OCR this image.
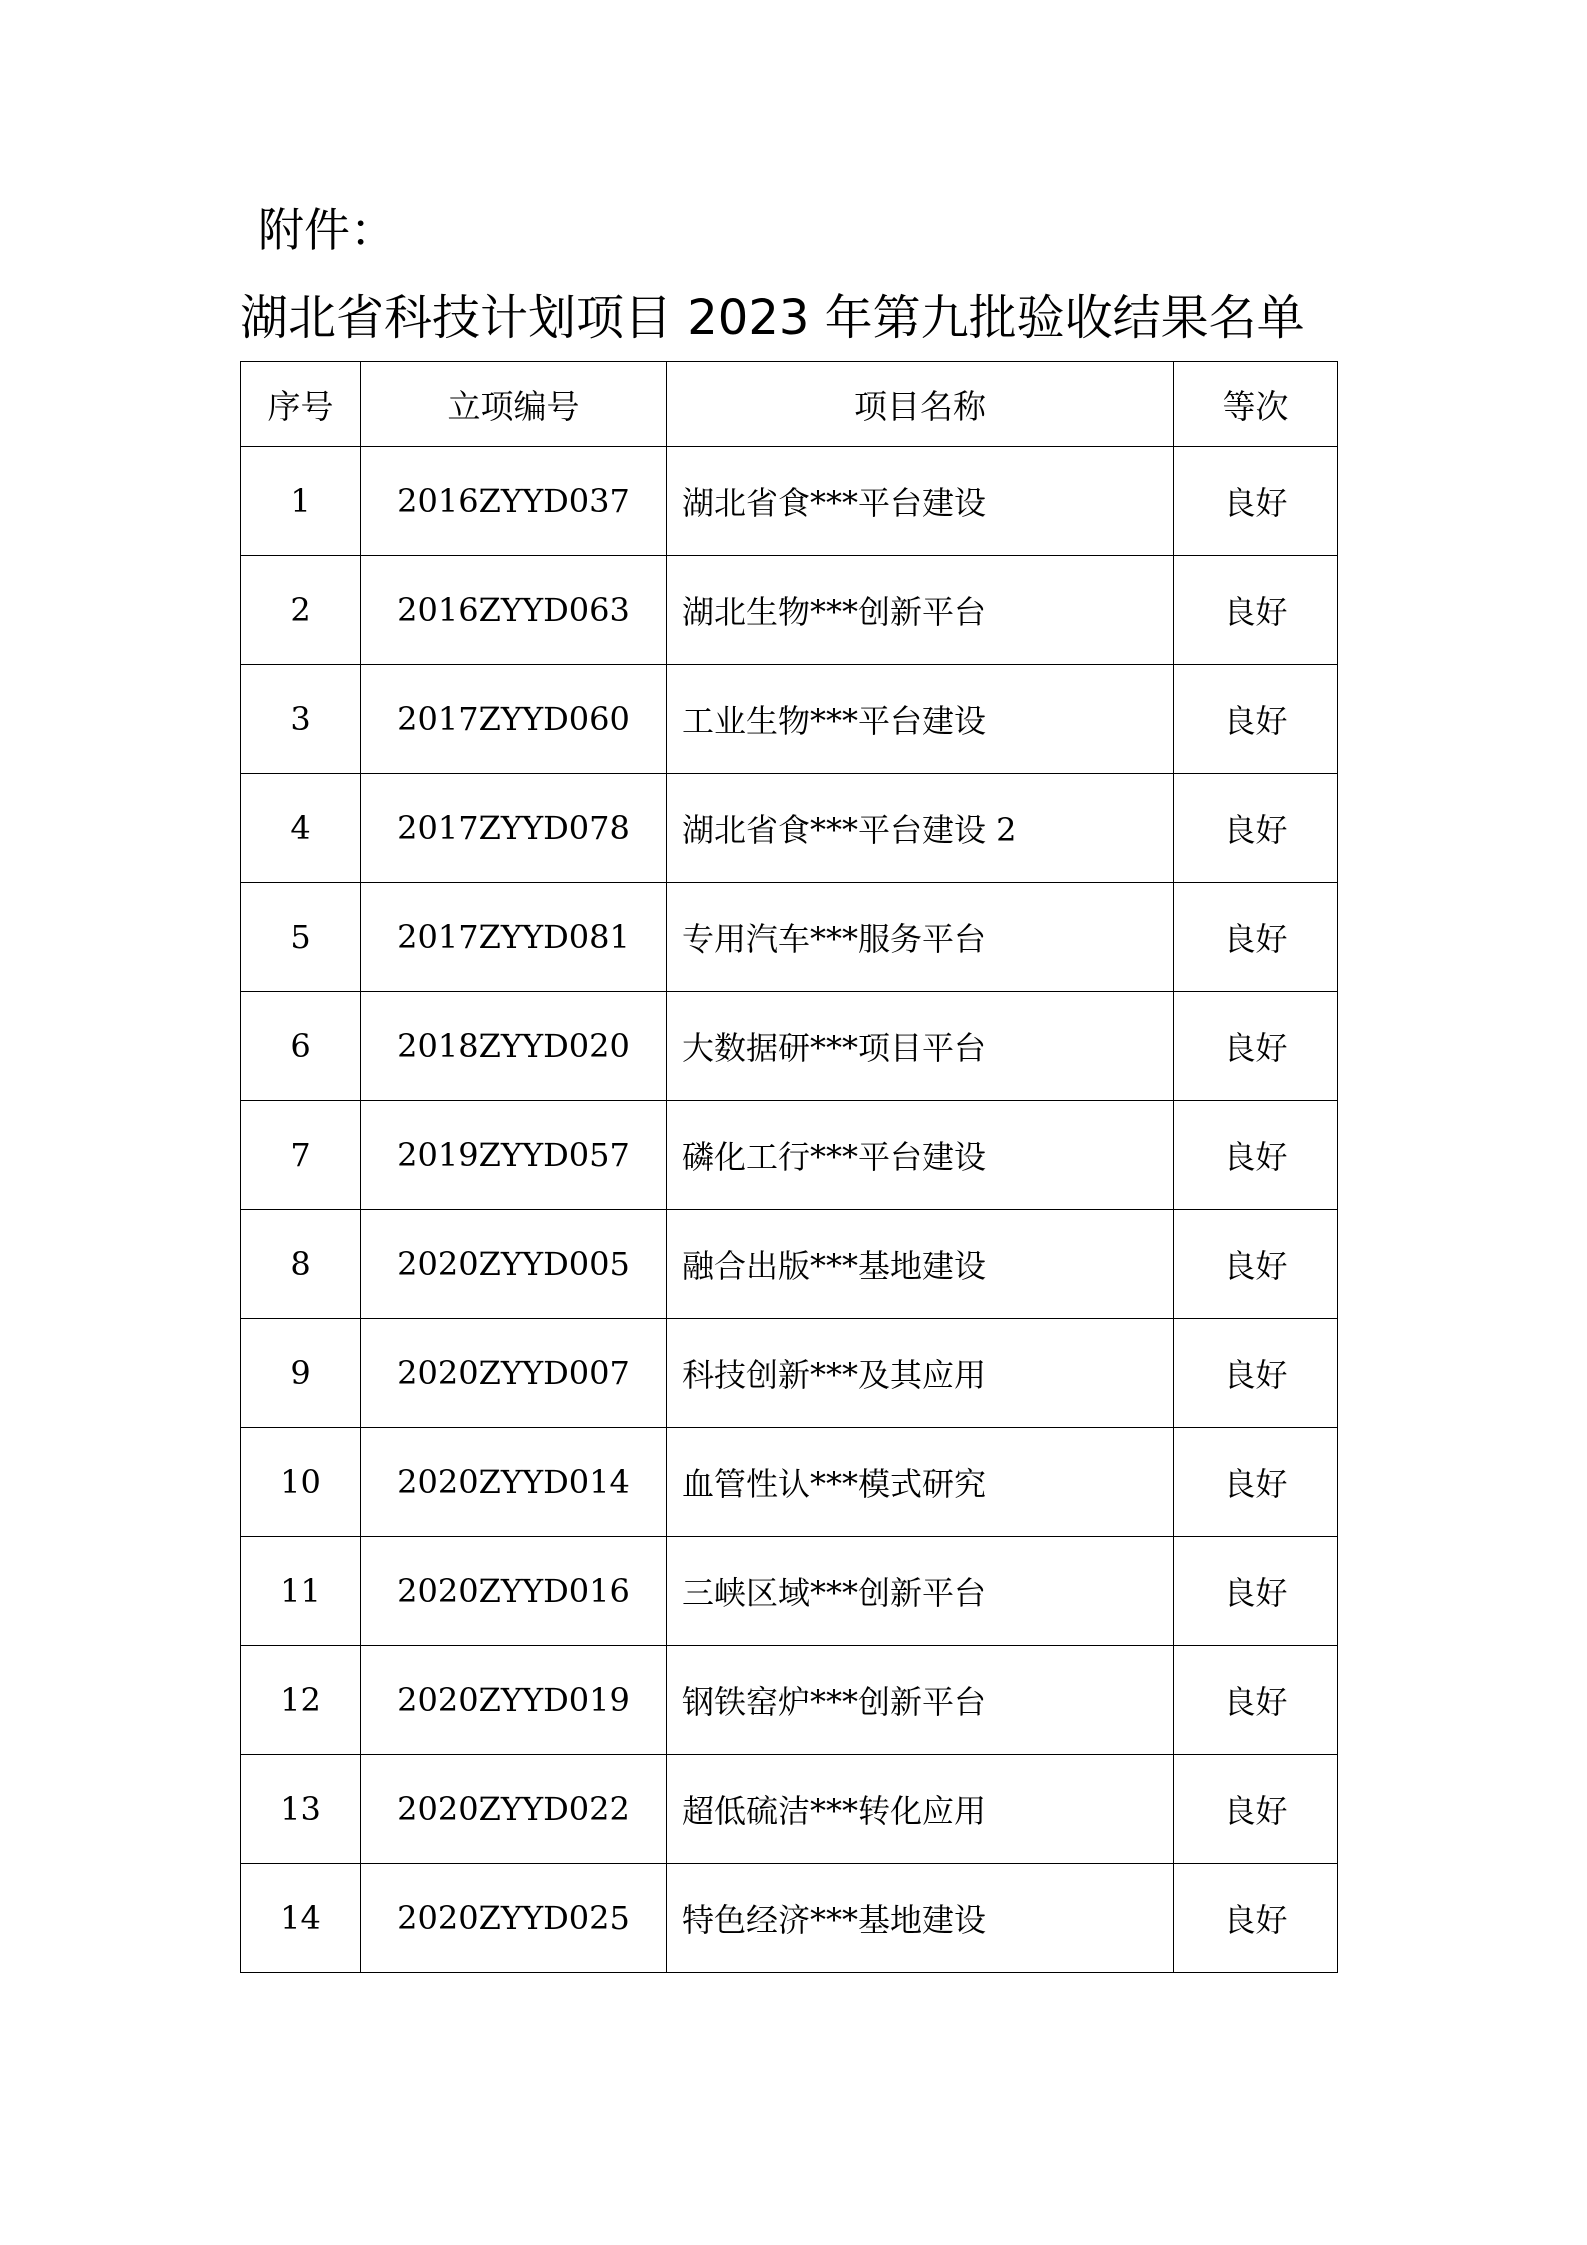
附件：
湖北省科技计划项目 2023 年第九批验收结果名单
序号	立项编号	项目名称	等次
1	2016ZYYD037	湖北省食***平台建设	良好
2	2016ZYYD063	湖北生物***创新平台	良好
3	2017ZYYD060	工业生物***平台建设	良好
4	2017ZYYD078	湖北省食***平台建设 2	良好
5	2017ZYYD081	专用汽车***服务平台	良好
6	2018ZYYD020	大数据研***项目平台	良好
7	2019ZYYD057	磷化工行***平台建设	良好
8	2020ZYYD005	融合出版***基地建设	良好
9	2020ZYYD007	科技创新***及其应用	良好
10	2020ZYYD014	血管性认***模式研究	良好
11	2020ZYYD016	三峡区域***创新平台	良好
12	2020ZYYD019	钢铁窑炉***创新平台	良好
13	2020ZYYD022	超低硫洁***转化应用	良好
14	2020ZYYD025	特色经济***基地建设	良好
